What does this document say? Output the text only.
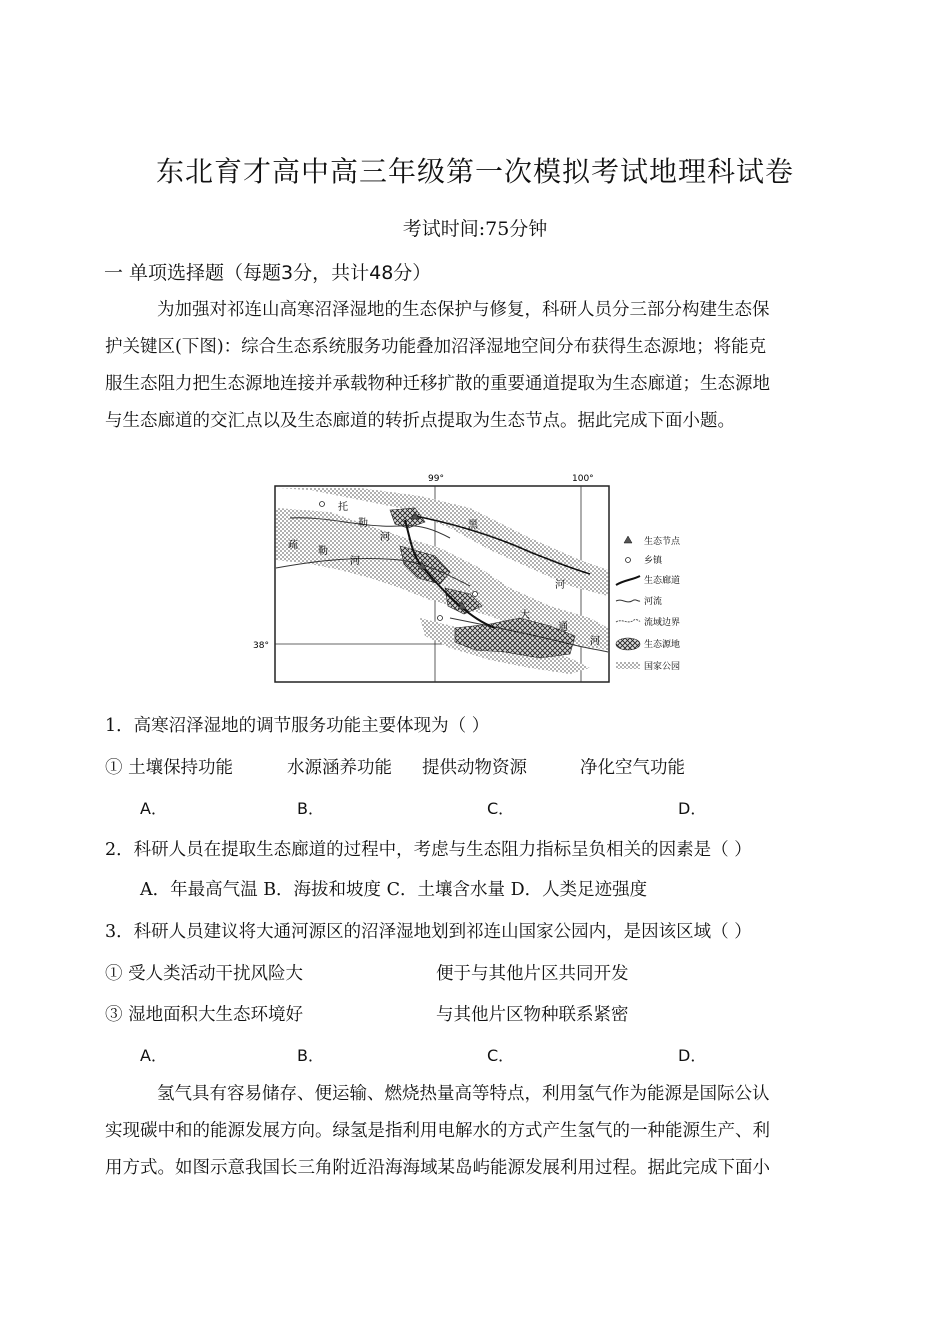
东北育才高中高三年级第一次模拟考试地理科试卷
考试时间:75分钟
一 单项选择题（每题3分，共计48分）
为加强对祁连山高寒沼泽湿地的生态保护与修复，科研人员分三部分构建生态保
护关键区(下图)：综合生态系统服务功能叠加沼泽湿地空间分布获得生态源地；将能克
服生态阻力把生态源地连接并承载物种迁移扩散的重要通道提取为生态廊道；生态源地
与生态廊道的交汇点以及生态廊道的转折点提取为生态节点。据此完成下面小题。
99°	100°
38°
托
勒
河
疏
勒
河
黑
大
通
河
河
生态节点
乡镇
生态廊道
河流
流域边界
生态源地
国家公园
1．高寒沼泽湿地的调节服务功能主要体现为（ ）
① 土壤保持功能	水源涵养功能 提供动物资源	净化空气功能
A．	B．	C．	D．
2．科研人员在提取生态廊道的过程中，考虑与生态阻力指标呈负相关的因素是（ ）
A．年最高气温 B．海拔和坡度 C．土壤含水量 D．人类足迹强度
3．科研人员建议将大通河源区的沼泽湿地划到祁连山国家公园内，是因该区域（ ）
① 受人类活动干扰风险大	便于与其他片区共同开发
③ 湿地面积大生态环境好	与其他片区物种联系紧密
A．	B．	C．	D．
氢气具有容易储存、便运输、燃烧热量高等特点，利用氢气作为能源是国际公认
实现碳中和的能源发展方向。绿氢是指利用电解水的方式产生氢气的一种能源生产、利
用方式。如图示意我国长三角附近沿海海域某岛屿能源发展利用过程。据此完成下面小
